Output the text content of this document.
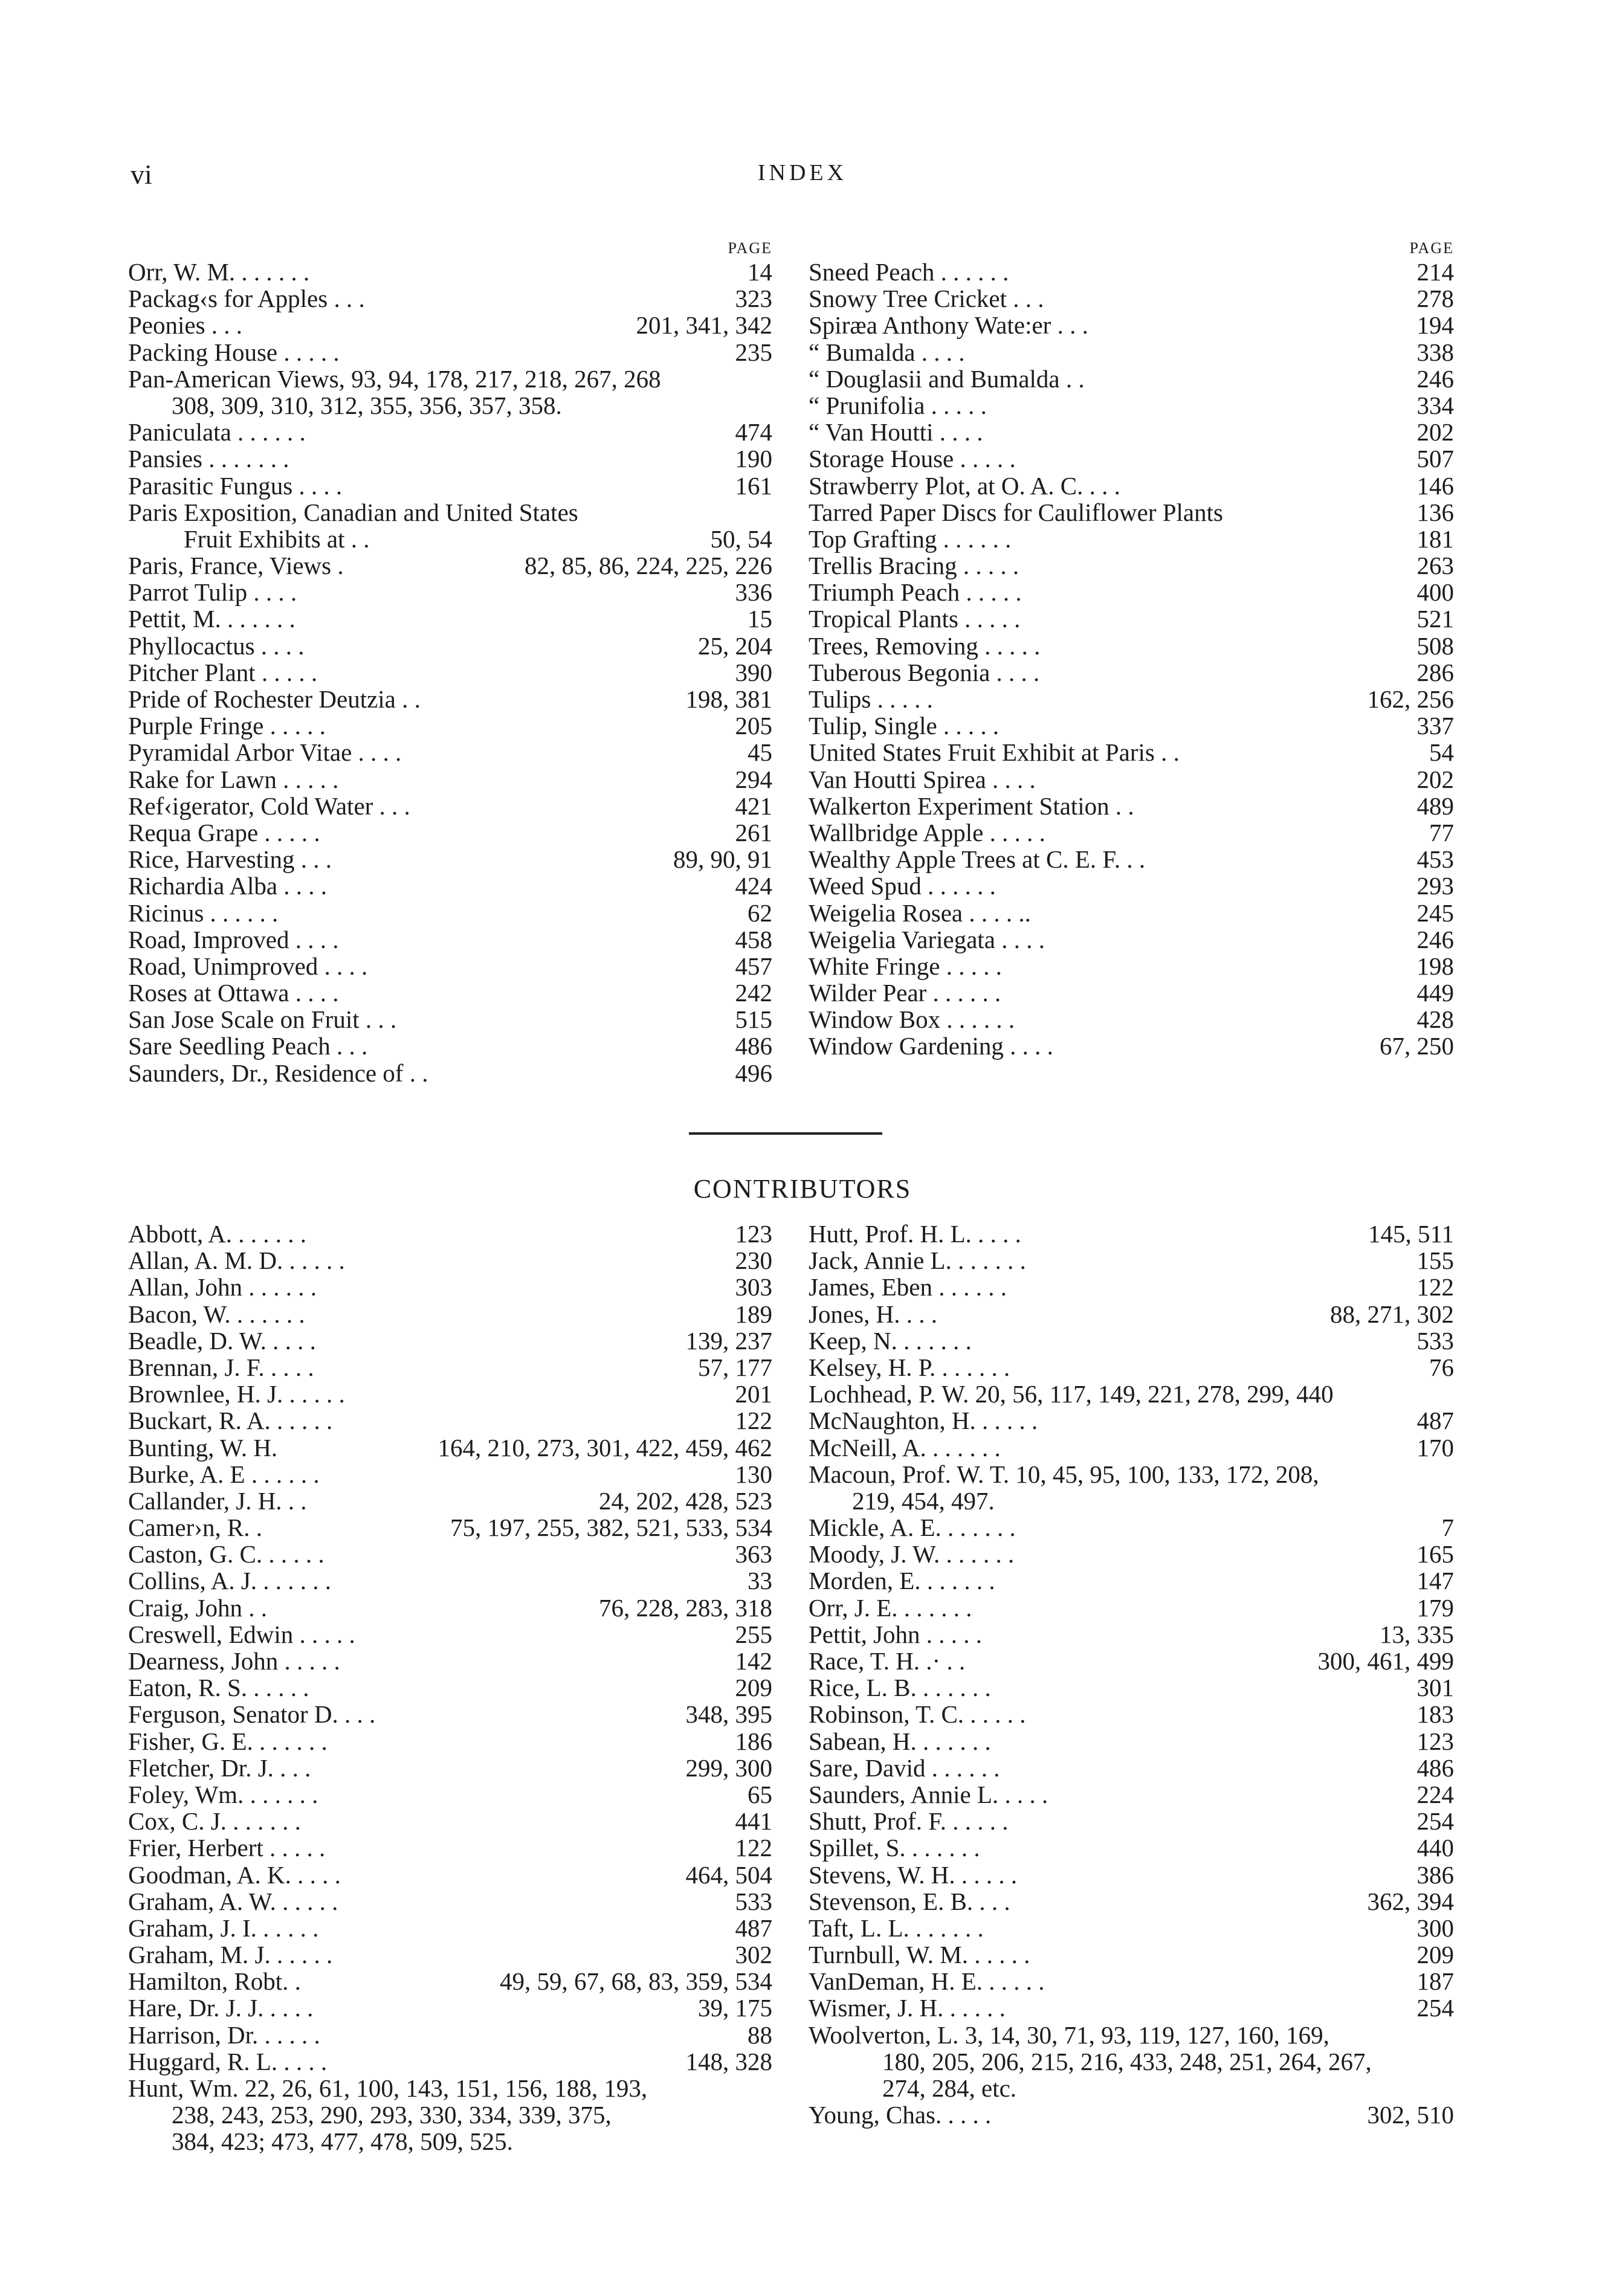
vi	INDEX
PAGE
Orr, W. M. . . . . . .	14
Packag‹s for Apples . . .	323
Peonies . . .	201, 341, 342
Packing House . . . . .	235
Pan-American Views, 93, 94, 178, 217, 218, 267, 268
308, 309, 310, 312, 355, 356, 357, 358.
Paniculata . . . . . .	474
Pansies . . . . . . .	190
Parasitic Fungus . . . .	161
Paris Exposition, Canadian and United States
Fruit Exhibits at . .	50, 54
Paris, France, Views .	82, 85, 86, 224, 225, 226
Parrot Tulip . . . .	336
Pettit, M. . . . . . .	15
Phyllocactus . . . .	25, 204
Pitcher Plant . . . . .	390
Pride of Rochester Deutzia . .	198, 381
Purple Fringe . . . . .	205
Pyramidal Arbor Vitae . . . .	45
Rake for Lawn . . . . .	294
Ref‹igerator, Cold Water . . .	421
Requa Grape . . . . .	261
Rice, Harvesting . . .	89, 90, 91
Richardia Alba . . . .	424
Ricinus . . . . . .	62
Road, Improved . . . .	458
Road, Unimproved . . . .	457
Roses at Ottawa . . . .	242
San Jose Scale on Fruit . . .	515
Sare Seedling Peach . . .	486
Saunders, Dr., Residence of . .	496
PAGE
Sneed Peach . . . . . .	214
Snowy Tree Cricket . . .	278
Spiræa Anthony Wate:er . . .	194
“ Bumalda . . . .	338
“ Douglasii and Bumalda . .	246
“ Prunifolia . . . . .	334
“ Van Houtti . . . .	202
Storage House . . . . .	507
Strawberry Plot, at O. A. C. . . .	146
Tarred Paper Discs for Cauliflower Plants	136
Top Grafting . . . . . .	181
Trellis Bracing . . . . .	263
Triumph Peach . . . . .	400
Tropical Plants . . . . .	521
Trees, Removing . . . . .	508
Tuberous Begonia . . . .	286
Tulips . . . . .	162, 256
Tulip, Single . . . . .	337
United States Fruit Exhibit at Paris . .	54
Van Houtti Spirea . . . .	202
Walkerton Experiment Station . .	489
Wallbridge Apple . . . . .	77
Wealthy Apple Trees at C. E. F. . .	453
Weed Spud . . . . . .	293
Weigelia Rosea . . . . ..	245
Weigelia Variegata . . . .	246
White Fringe . . . . .	198
Wilder Pear . . . . . .	449
Window Box . . . . . .	428
Window Gardening . . . .	67, 250
CONTRIBUTORS
Abbott, A. . . . . . .	123
Allan, A. M. D. . . . . .	230
Allan, John . . . . . .	303
Bacon, W. . . . . . .	189
Beadle, D. W. . . . .	139, 237
Brennan, J. F. . . . .	57, 177
Brownlee, H. J. . . . . .	201
Buckart, R. A. . . . . .	122
Bunting, W. H.	164, 210, 273, 301, 422, 459, 462
Burke, A. E . . . . . .	130
Callander, J. H. . .	24, 202, 428, 523
Camer›n, R. .	75, 197, 255, 382, 521, 533, 534
Caston, G. C. . . . . .	363
Collins, A. J. . . . . . .	33
Craig, John . .	76, 228, 283, 318
Creswell, Edwin . . . . .	255
Dearness, John . . . . .	142
Eaton, R. S. . . . . .	209
Ferguson, Senator D. . . .	348, 395
Fisher, G. E. . . . . . .	186
Fletcher, Dr. J. . . .	299, 300
Foley, Wm. . . . . . .	65
Cox, C. J. . . . . . .	441
Frier, Herbert . . . . .	122
Goodman, A. K. . . . .	464, 504
Graham, A. W. . . . . .	533
Graham, J. I. . . . . .	487
Graham, M. J. . . . . .	302
Hamilton, Robt. .	49, 59, 67, 68, 83, 359, 534
Hare, Dr. J. J. . . . .	39, 175
Harrison, Dr. . . . . .	88
Huggard, R. L. . . . .	148, 328
Hunt, Wm. 22, 26, 61, 100, 143, 151, 156, 188, 193,
238, 243, 253, 290, 293, 330, 334, 339, 375,
384, 423; 473, 477, 478, 509, 525.
Hutt, Prof. H. L. . . . .	145, 511
Jack, Annie L. . . . . . .	155
James, Eben . . . . . .	122
Jones, H. . . .	88, 271, 302
Keep, N. . . . . . .	533
Kelsey, H. P. . . . . . .	76
Lochhead, P. W. 20, 56, 117, 149, 221, 278, 299, 440
McNaughton, H. . . . . .	487
McNeill, A. . . . . . .	170
Macoun, Prof. W. T. 10, 45, 95, 100, 133, 172, 208,
219, 454, 497.
Mickle, A. E. . . . . . .	7
Moody, J. W. . . . . . .	165
Morden, E. . . . . . .	147
Orr, J. E. . . . . . .	179
Pettit, John . . . . .	13, 335
Race, T. H. .· . .	300, 461, 499
Rice, L. B. . . . . . .	301
Robinson, T. C. . . . . .	183
Sabean, H. . . . . . .	123
Sare, David . . . . . .	486
Saunders, Annie L. . . . .	224
Shutt, Prof. F. . . . . .	254
Spillet, S. . . . . . .	440
Stevens, W. H. . . . . .	386
Stevenson, E. B. . . .	362, 394
Taft, L. L. . . . . . .	300
Turnbull, W. M. . . . . .	209
VanDeman, H. E. . . . . .	187
Wismer, J. H. . . . . .	254
Woolverton, L. 3, 14, 30, 71, 93, 119, 127, 160, 169,
180, 205, 206, 215, 216, 433, 248, 251, 264, 267,
274, 284, etc.
Young, Chas. . . . .	302, 510
